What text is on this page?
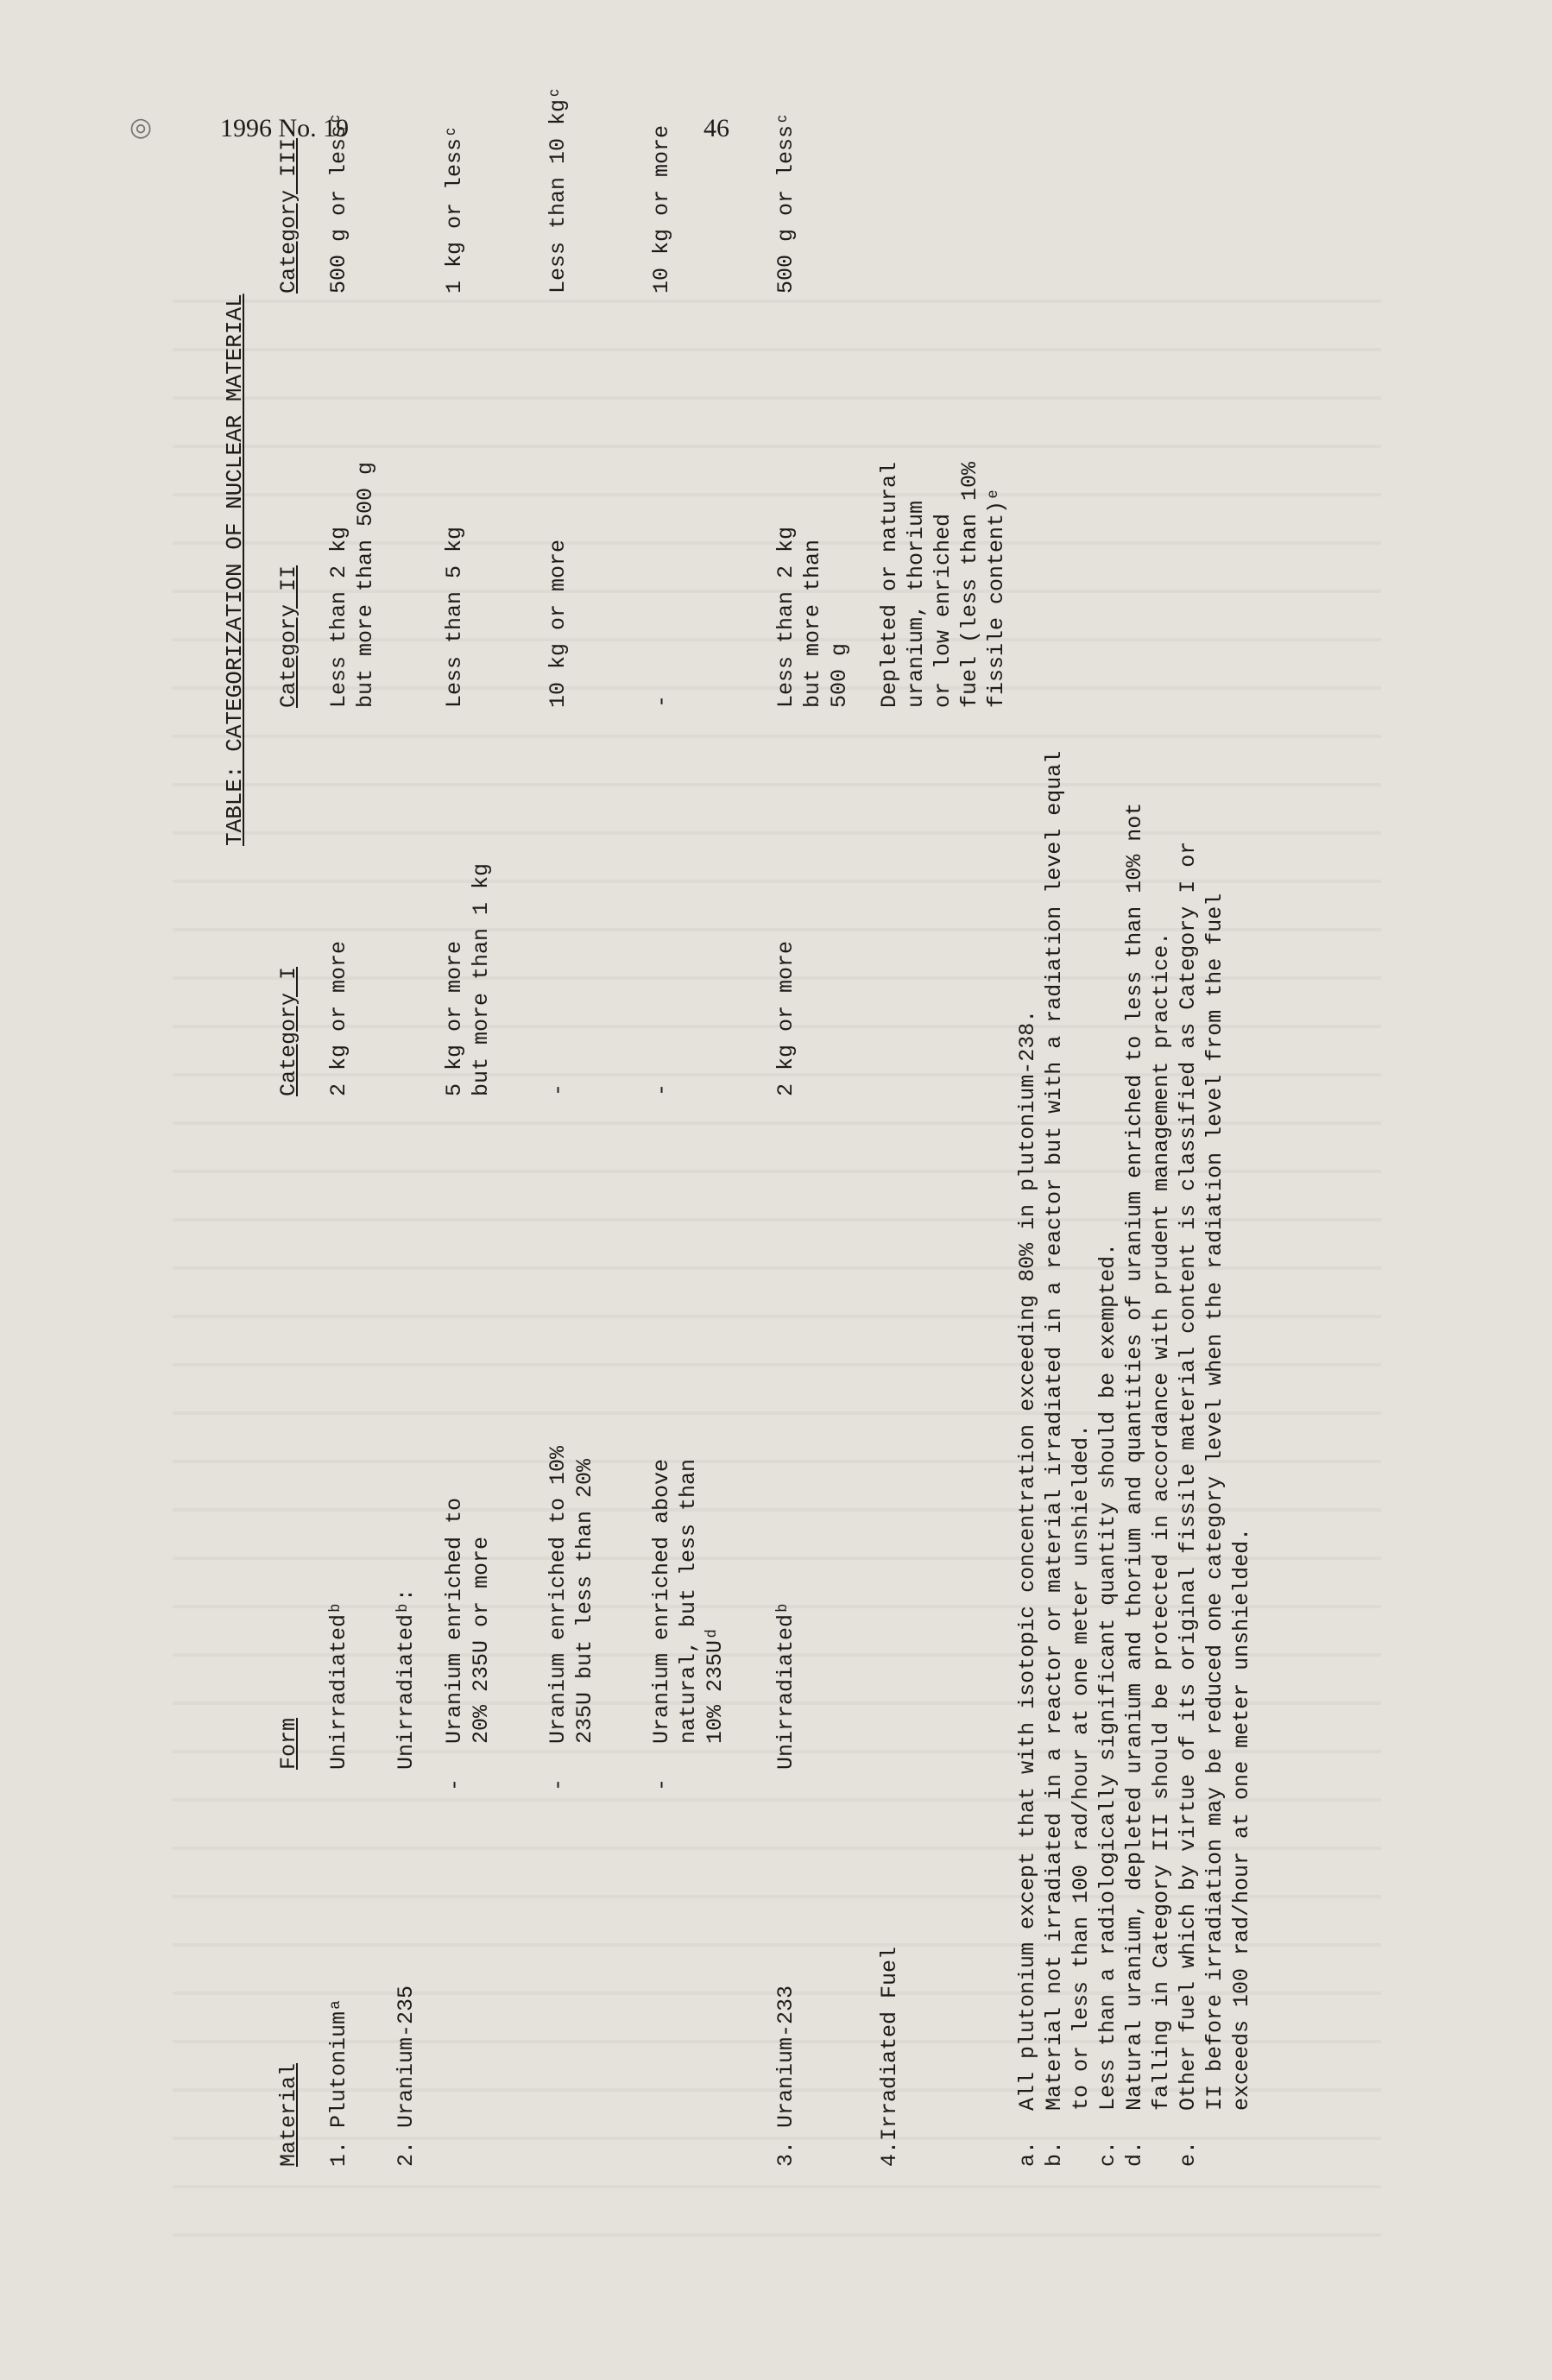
◎	1996 No. 19	46
TABLE: CATEGORIZATION OF NUCLEAR MATERIAL
Material
Form
Category I
Category II
Category III
1. Plutoniumᵃ
Unirradiatedᵇ
2 kg or more
Less than 2 kg
but more than 500 g
500 g or lessᶜ
2. Uranium-235
Unirradiatedᵇ:
-
Uranium enriched to
20% 235U or more
5 kg or more
but more than 1 kg
Less than 5 kg
1 kg or lessᶜ
-
Uranium enriched to 10%
235U but less than 20%
-
10 kg or more
Less than 10 kgᶜ
-
Uranium enriched above
natural, but less than
10% 235Uᵈ
-
-
10 kg or more
3. Uranium-233
Unirradiatedᵇ
2 kg or more
Less than 2 kg
but more than
500 g
500 g or lessᶜ
4.Irradiated Fuel
Depleted or natural
uranium, thorium
or low enriched
fuel (less than 10%
fissile content)ᵉ
a.
All plutonium except that with isotopic concentration exceeding 80% in plutonium-238.
b.
Material not irradiated in a reactor or material irradiated in a reactor but with a radiation level equal
to or less than 100 rad/hour at one meter unshielded.
c.
Less than a radiologically significant quantity should be exempted.
d.
Natural uranium, depleted uranium and thorium and quantities of uranium enriched to less than 10% not
falling in Category III should be protected in accordance with prudent management practice.
e.
Other fuel which by virtue of its original fissile material content is classified as Category I or
II before irradiation may be reduced one category level when the radiation level from the fuel
exceeds 100 rad/hour at one meter unshielded.
